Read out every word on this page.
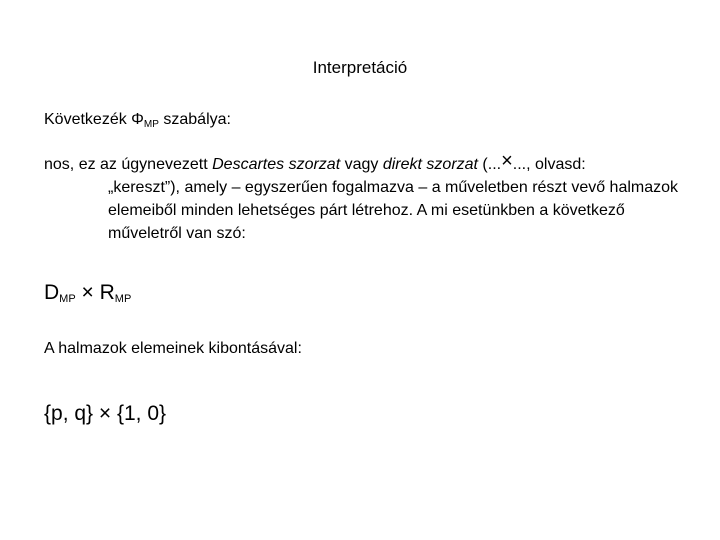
Interpretáció
Következék $\Phi_{MP}$ szabálya:
nos, ez az úgynevezett Descartes szorzat vagy direkt szorzat (...×..., olvasd:
„kereszt”), amely – egyszerűen fogalmazva – a műveletben részt vevő halmazok elemeiből minden lehetséges párt létrehoz. A mi esetünkben a következő műveletről van szó:
$D_{MP} \times R_{MP}$
A halmazok elemeinek kibontásával:
{p, q} × {1, 0}
